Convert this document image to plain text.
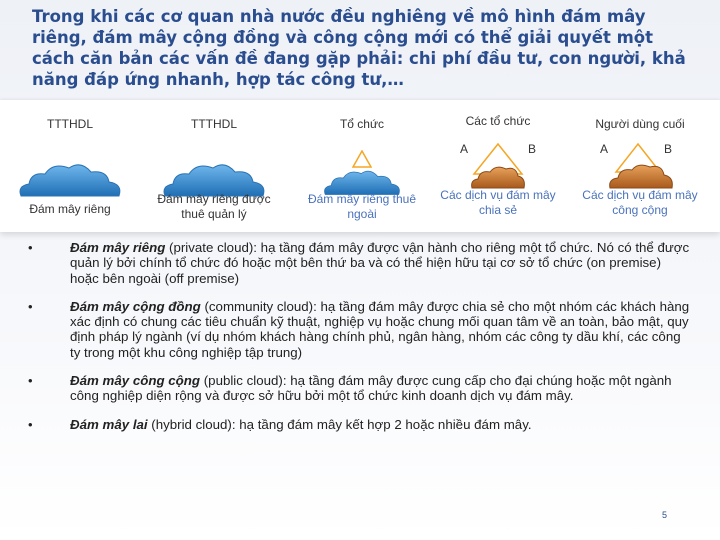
Trong khi các cơ quan nhà nước đều nghiêng về mô hình đám mây riêng, đám mây cộng đồng và công cộng mới có thể giải quyết một cách căn bản các vấn đề đang gặp phải: chi phí đầu tư, con người, khả năng đáp ứng nhanh, hợp tác công tư,…
TTTHDL
Đám mây riêng
TTTHDL
Đám mây riêng được thuê quản lý
Tổ chức
Đám mây riêng thuê ngoài
Các tổ chức
A	B
Các dịch vụ đám mây chia sẻ
Người dùng cuối
A	B
Các dịch vụ đám mây công cộng
•	Đám mây riêng (private cloud): hạ tầng đám mây được vận hành cho riêng một tổ chức. Nó có thể được quản lý bởi chính tổ chức đó hoặc một bên thứ ba và có thể hiện hữu tại cơ sở tổ chức (on premise) hoặc bên ngoài (off premise)
•	Đám mây cộng đồng (community cloud): hạ tầng đám mây được chia sẻ cho một nhóm các khách hàng xác định có chung các tiêu chuẩn kỹ thuật, nghiệp vụ hoặc chung mối quan tâm về an toàn, bảo mật, quy định pháp lý ngành (ví dụ nhóm khách hàng chính phủ, ngân hàng, nhóm các công ty dầu khí, các công ty trong một khu công nghiệp tập trung)
•	Đám mây công cộng (public cloud): hạ tầng đám mây được cung cấp cho đại chúng hoặc một ngành công nghiệp diện rộng và được sở hữu bởi một tổ chức kinh doanh dịch vụ đám mây.
•	Đám mây lai (hybrid cloud): hạ tầng đám mây kết hợp 2 hoặc nhiều đám mây.
5
